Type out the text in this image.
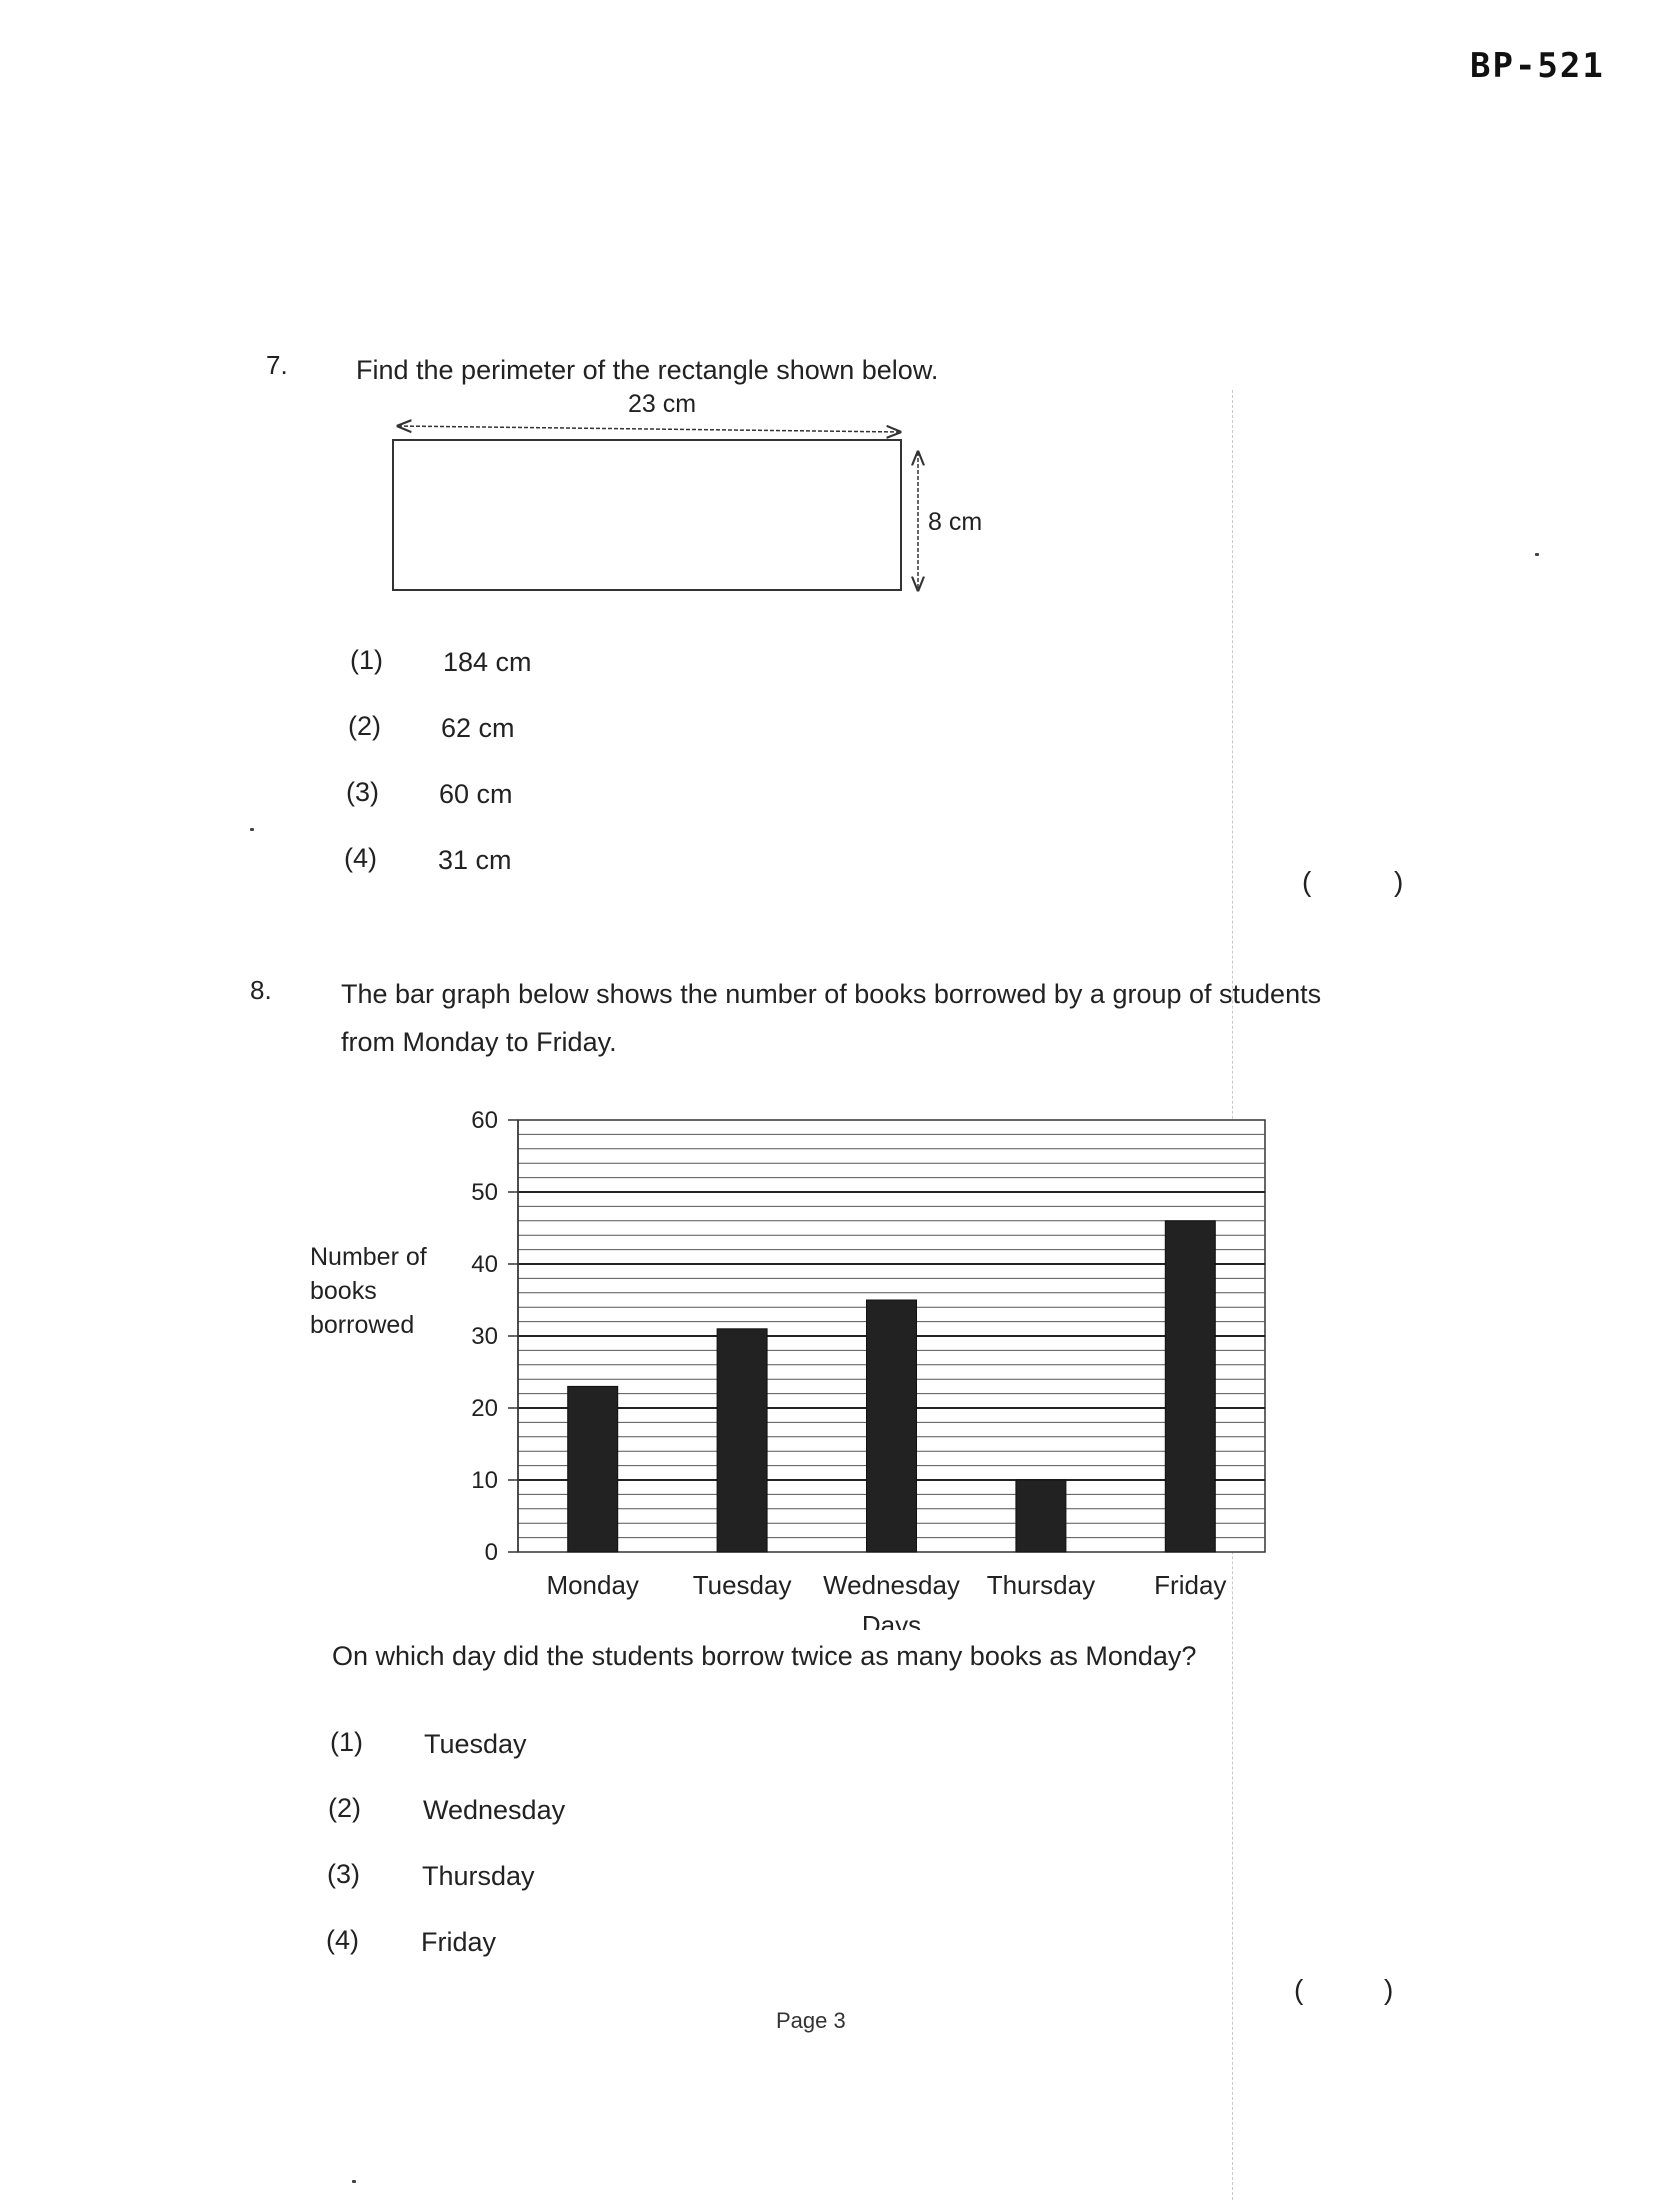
BP-521
7.	Find the perimeter of the rectangle shown below.
23 cm
8 cm
(1) 184 cm
(2) 62 cm
(3) 60 cm
(4) 31 cm
(	)
8.	The bar graph below shows the number of books borrowed by a group of students
from Monday to Friday.
0
10
20
30
40
50
60
Number of
books
borrowed
Monday Tuesday Wednesday Thursday Friday
Days
On which day did the students borrow twice as many books as Monday?
(1) Tuesday
(2) Wednesday
(3) Thursday
(4) Friday
(	)
Page 3
